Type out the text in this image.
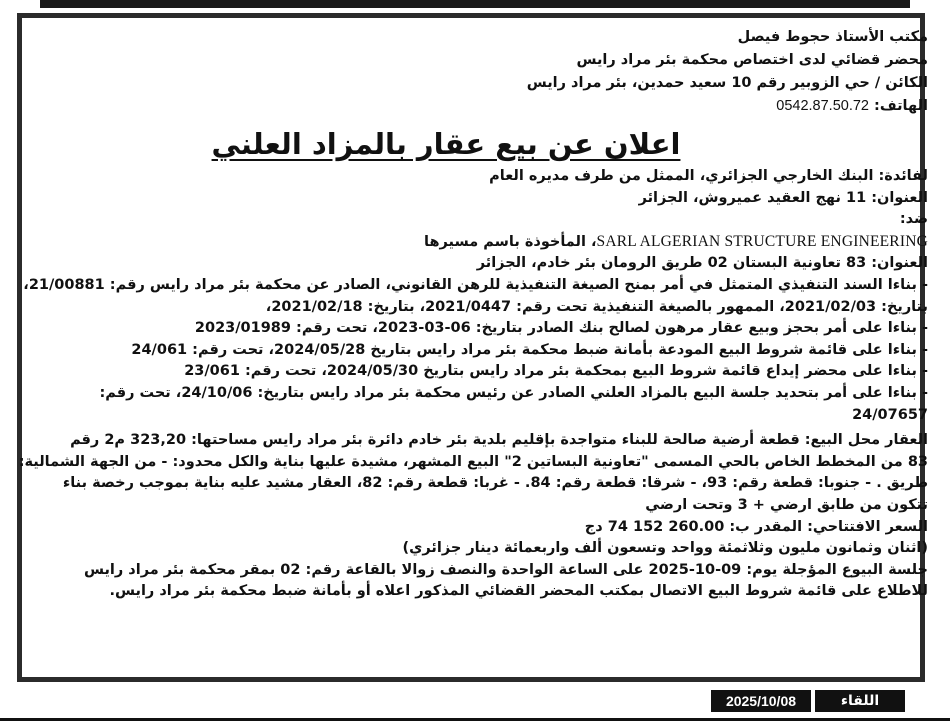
مكتب الأستاذ حجوط فيصل
محضر قضائي لدى اختصاص محكمة بئر مراد رايس
الكائن / حي الزوبير رقم 10 سعيد حمدين، بئر مراد رايس
الهاتف: 0542.87.50.72
اعلان عن بيع عقار بالمزاد العلني
لفائدة: البنك الخارجي الجزائري، الممثل من طرف مديره العام
العنوان: 11 نهج العقيد عميروش، الجزائر
ضد:
SARL ALGERIAN STRUCTURE ENGINEERING، المأخوذة باسم مسيرها
العنوان: 83 تعاونية البستان 02 طريق الرومان بئر خادم، الجزائر
- بناءا السند التنفيذي المتمثل في أمر بمنح الصيغة التنفيذية للرهن القانوني، الصادر عن محكمة بئر مراد رايس رقم: 21/00881،
بتاريخ: 2021/02/03، الممهور بالصيغة التنفيذية تحت رقم: 2021/0447، بتاريخ: 2021/02/18،
- بناءا على أمر بحجز وبيع عقار مرهون لصالح بنك الصادر بتاريخ: 06-03-2023، تحت رقم: 2023/01989
- بناءا على قائمة شروط البيع المودعة بأمانة ضبط محكمة بئر مراد رايس بتاريخ 2024/05/28، تحت رقم: 24/061
- بناءا على محضر إيداع قائمة شروط البيع بمحكمة بئر مراد رايس بتاريخ 2024/05/30، تحت رقم: 23/061
- بناءا على أمر بتحديد جلسة البيع بالمزاد العلني الصادر عن رئيس محكمة بئر مراد رايس بتاريخ: 24/10/06، تحت رقم:
24/07657
العقار محل البيع: قطعة أرضية صالحة للبناء متواجدة بإقليم بلدية بئر خادم دائرة بئر مراد رايس مساحتها: 323,20 م2 رقم
83 من المخطط الخاص بالحي المسمى "تعاونية البساتين 2" البيع المشهر، مشيدة عليها بناية والكل محدود: - من الجهة الشمالية:
طريق . - جنوبا: قطعة رقم: 93، - شرقا: قطعة رقم: 84. - غربا: قطعة رقم: 82، العقار مشيد عليه بناية بموجب رخصة بناء
تتكون من طابق ارضي + 3 وتحت ارضي
السعر الافتتاحي: المقدر ب: 260.00 152 74 دج
(اثنان وثمانون مليون وثلاثمئة وواحد وتسعون ألف واربعمائة دينار جزائري)
جلسة البيوع المؤجلة يوم: 09-10-2025 على الساعة الواحدة والنصف زوالا بالقاعة رقم: 02 بمقر محكمة بئر مراد رايس
للاطلاع على قائمة شروط البيع الاتصال بمكتب المحضر القضائي المذكور اعلاه أو بأمانة ضبط محكمة بئر مراد رايس.
اللقاء
2025/10/08
